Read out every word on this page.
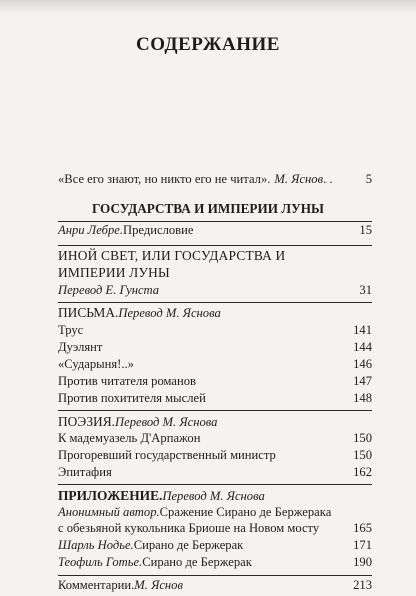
СОДЕРЖАНИЕ
«Все его знают, но никто его не читал». М. Яснов . .	5
ГОСУДАРСТВА И ИМПЕРИИ ЛУНЫ
Анри Лебре. Предисловие	15
ИНОЙ СВЕТ, ИЛИ ГОСУДАРСТВА И
ИМПЕРИИ ЛУНЫ
Перевод Е. Гунста	31
ПИСЬМА. Перевод М. Яснова
Трус	141
Дуэлянт	144
«Сударыня!..»	146
Против читателя романов	147
Против похитителя мыслей	148
ПОЭЗИЯ. Перевод М. Яснова
К мадемуазель Д'Арпажон	150
Прогоревший государственный министр	150
Эпитафия	162
ПРИЛОЖЕНИЕ. Перевод М. Яснова
Анонимный автор. Сражение Сирано де Бержерака
с обезьяной кукольника Бриоше на Новом мосту	165
Шарль Нодье. Сирано де Бержерак	171
Теофиль Готье. Сирано де Бержерак	190
Комментарии. М. Яснов	213
